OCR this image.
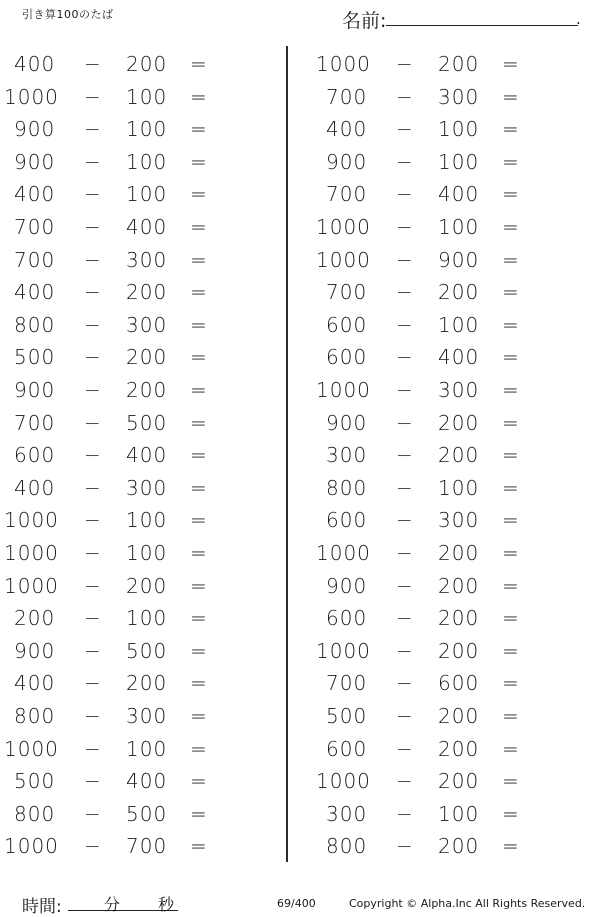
引き算100のたば	名前:	.
400 − 200 =
1000 − 100 =
900 − 100 =
900 − 100 =
400 − 100 =
700 − 400 =
700 − 300 =
400 − 200 =
800 − 300 =
500 − 200 =
900 − 200 =
700 − 500 =
600 − 400 =
400 − 300 =
1000 − 100 =
1000 − 100 =
1000 − 200 =
200 − 100 =
900 − 500 =
400 − 200 =
800 − 300 =
1000 − 100 =
500 − 400 =
800 − 500 =
1000 − 700 =
1000 − 200 =
700 − 300 =
400 − 100 =
900 − 100 =
700 − 400 =
1000 − 100 =
1000 − 900 =
700 − 200 =
600 − 100 =
600 − 400 =
1000 − 300 =
900 − 200 =
300 − 200 =
800 − 100 =
600 − 300 =
1000 − 200 =
900 − 200 =
600 − 200 =
1000 − 200 =
700 − 600 =
500 − 200 =
600 − 200 =
1000 − 200 =
300 − 100 =
800 − 200 =
時間:	分 秒	69/400	Copyright © Alpha.Inc All Rights Reserved.
